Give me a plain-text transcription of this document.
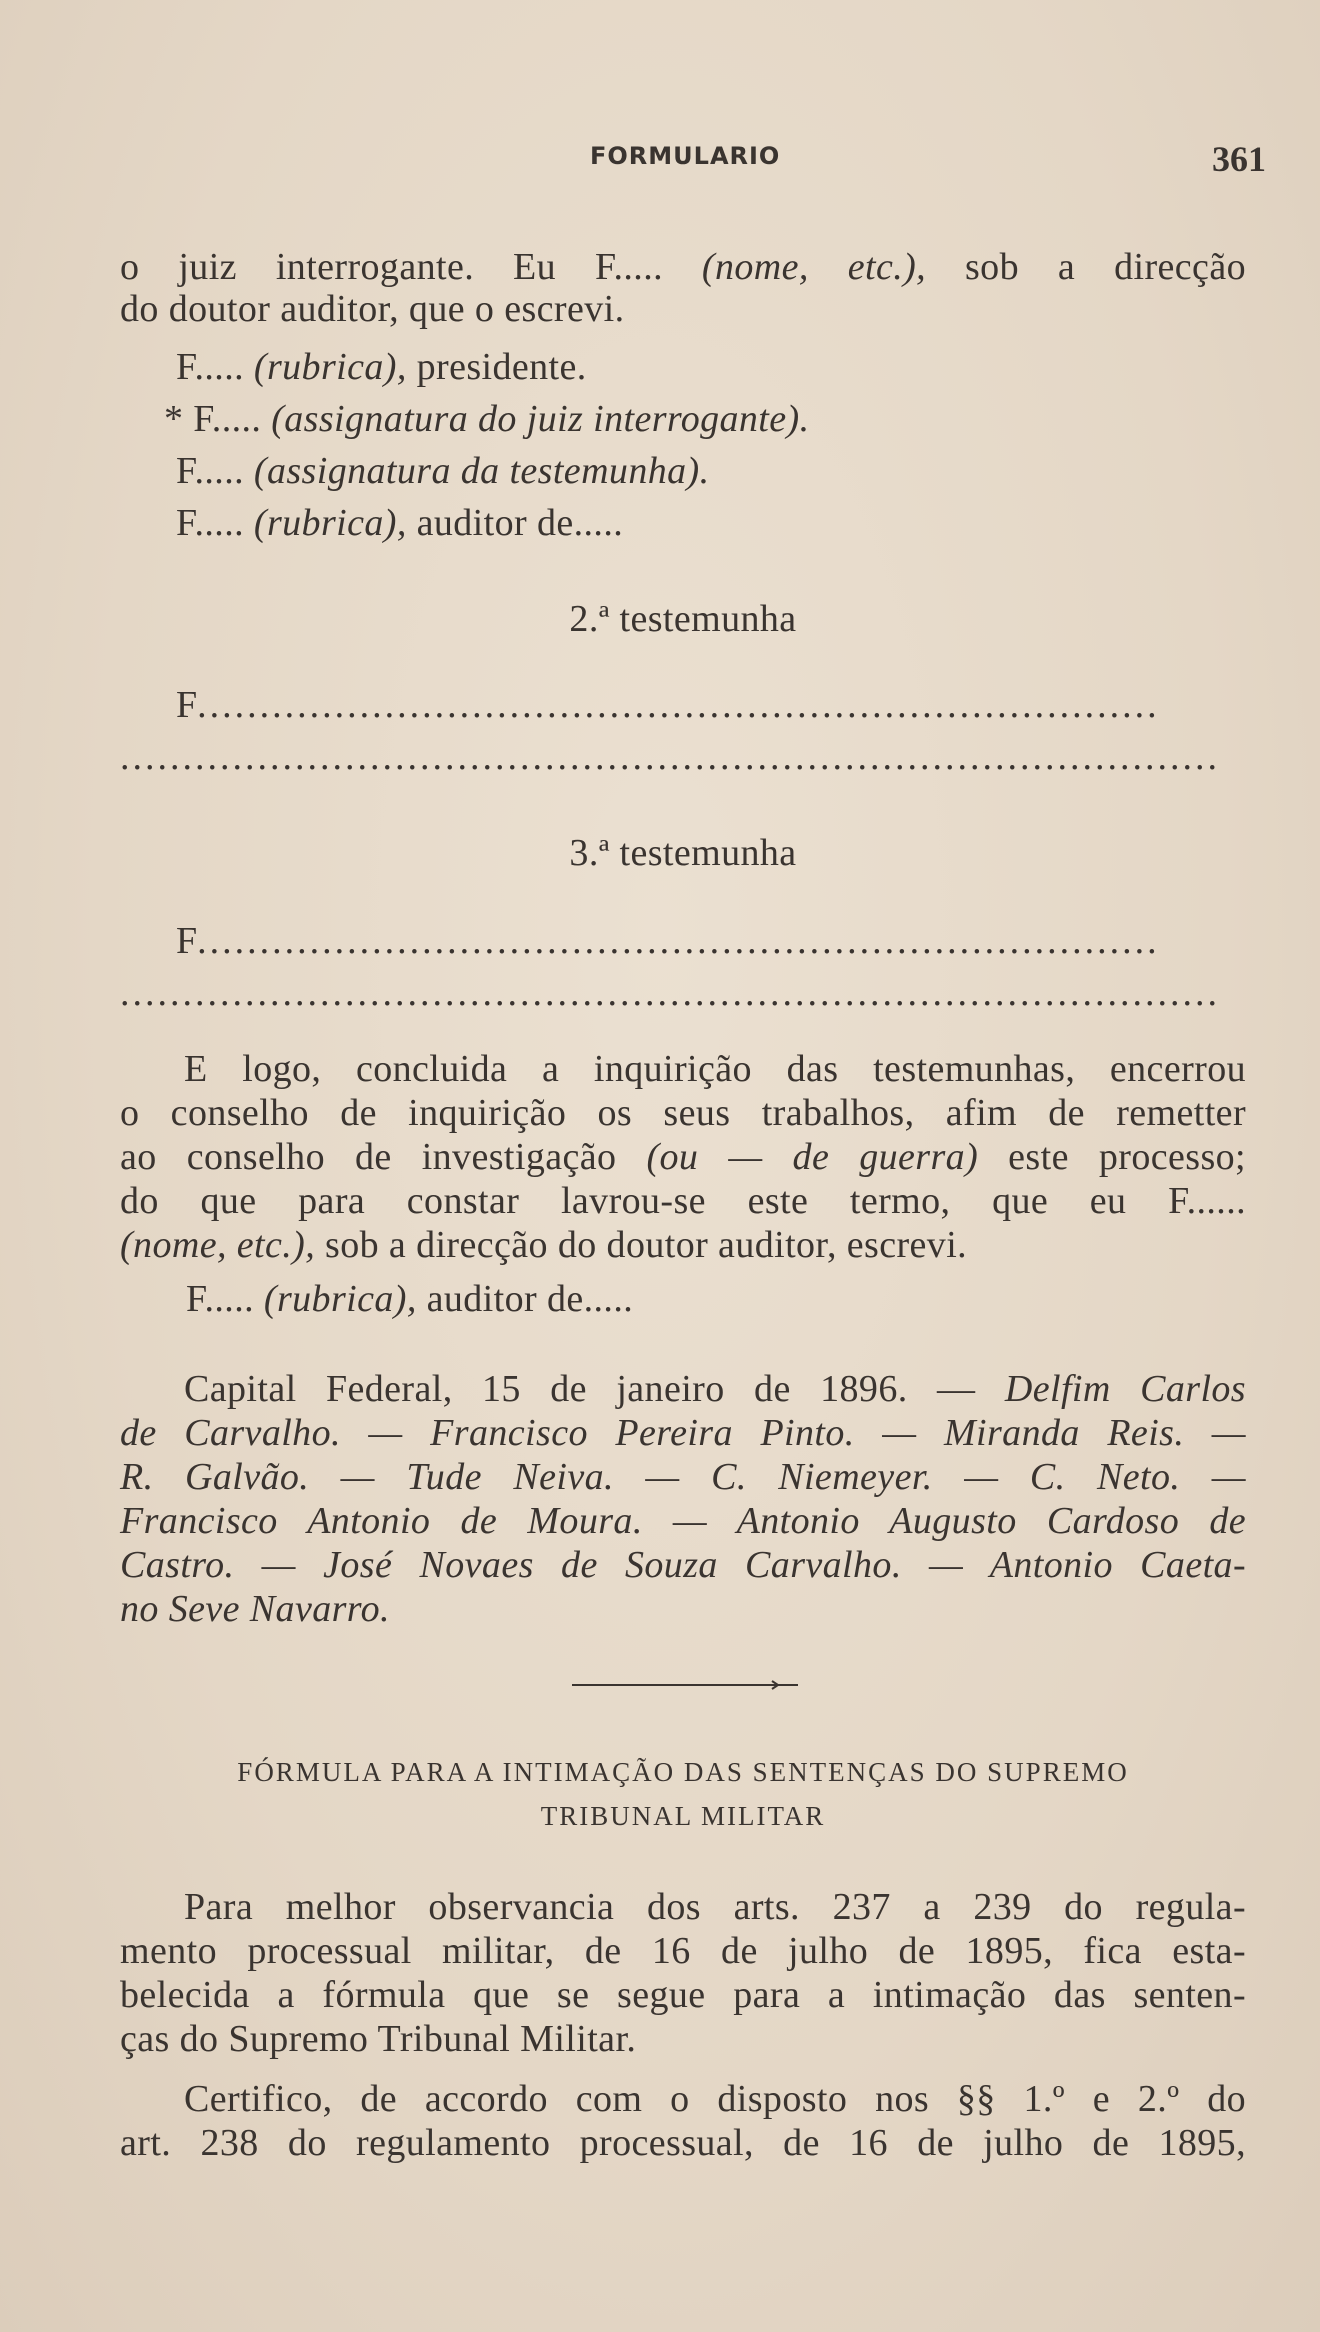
FORMULARIO	361
o juiz interrogante. Eu F..... (nome, etc.), sob a direcção
do doutor auditor, que o escrevi.
F..... (rubrica), presidente.
* F..... (assignatura do juiz interrogante).
F..... (assignatura da testemunha).
F..... (rubrica), auditor de.....
2.ª testemunha
F.............................................................................
........................................................................................
3.ª testemunha
F.............................................................................
........................................................................................
E logo, concluida a inquirição das testemunhas, encerrou
o conselho de inquirição os seus trabalhos, afim de remetter
ao conselho de investigação (ou — de guerra) este processo;
do que para constar lavrou-se este termo, que eu F......
(nome, etc.), sob a direcção do doutor auditor, escrevi.
F..... (rubrica), auditor de.....
Capital Federal, 15 de janeiro de 1896. — Delfim Carlos
de Carvalho. — Francisco Pereira Pinto. — Miranda Reis. —
R. Galvão. — Tude Neiva. — C. Niemeyer. — C. Neto. —
Francisco Antonio de Moura. — Antonio Augusto Cardoso de
Castro. — José Novaes de Souza Carvalho. — Antonio Caeta-
no Seve Navarro.
FÓRMULA PARA A INTIMAÇÃO DAS SENTENÇAS DO SUPREMO
TRIBUNAL MILITAR
Para melhor observancia dos arts. 237 a 239 do regula-
mento processual militar, de 16 de julho de 1895, fica esta-
belecida a fórmula que se segue para a intimação das senten-
ças do Supremo Tribunal Militar.
Certifico, de accordo com o disposto nos §§ 1.º e 2.º do
art. 238 do regulamento processual, de 16 de julho de 1895,
